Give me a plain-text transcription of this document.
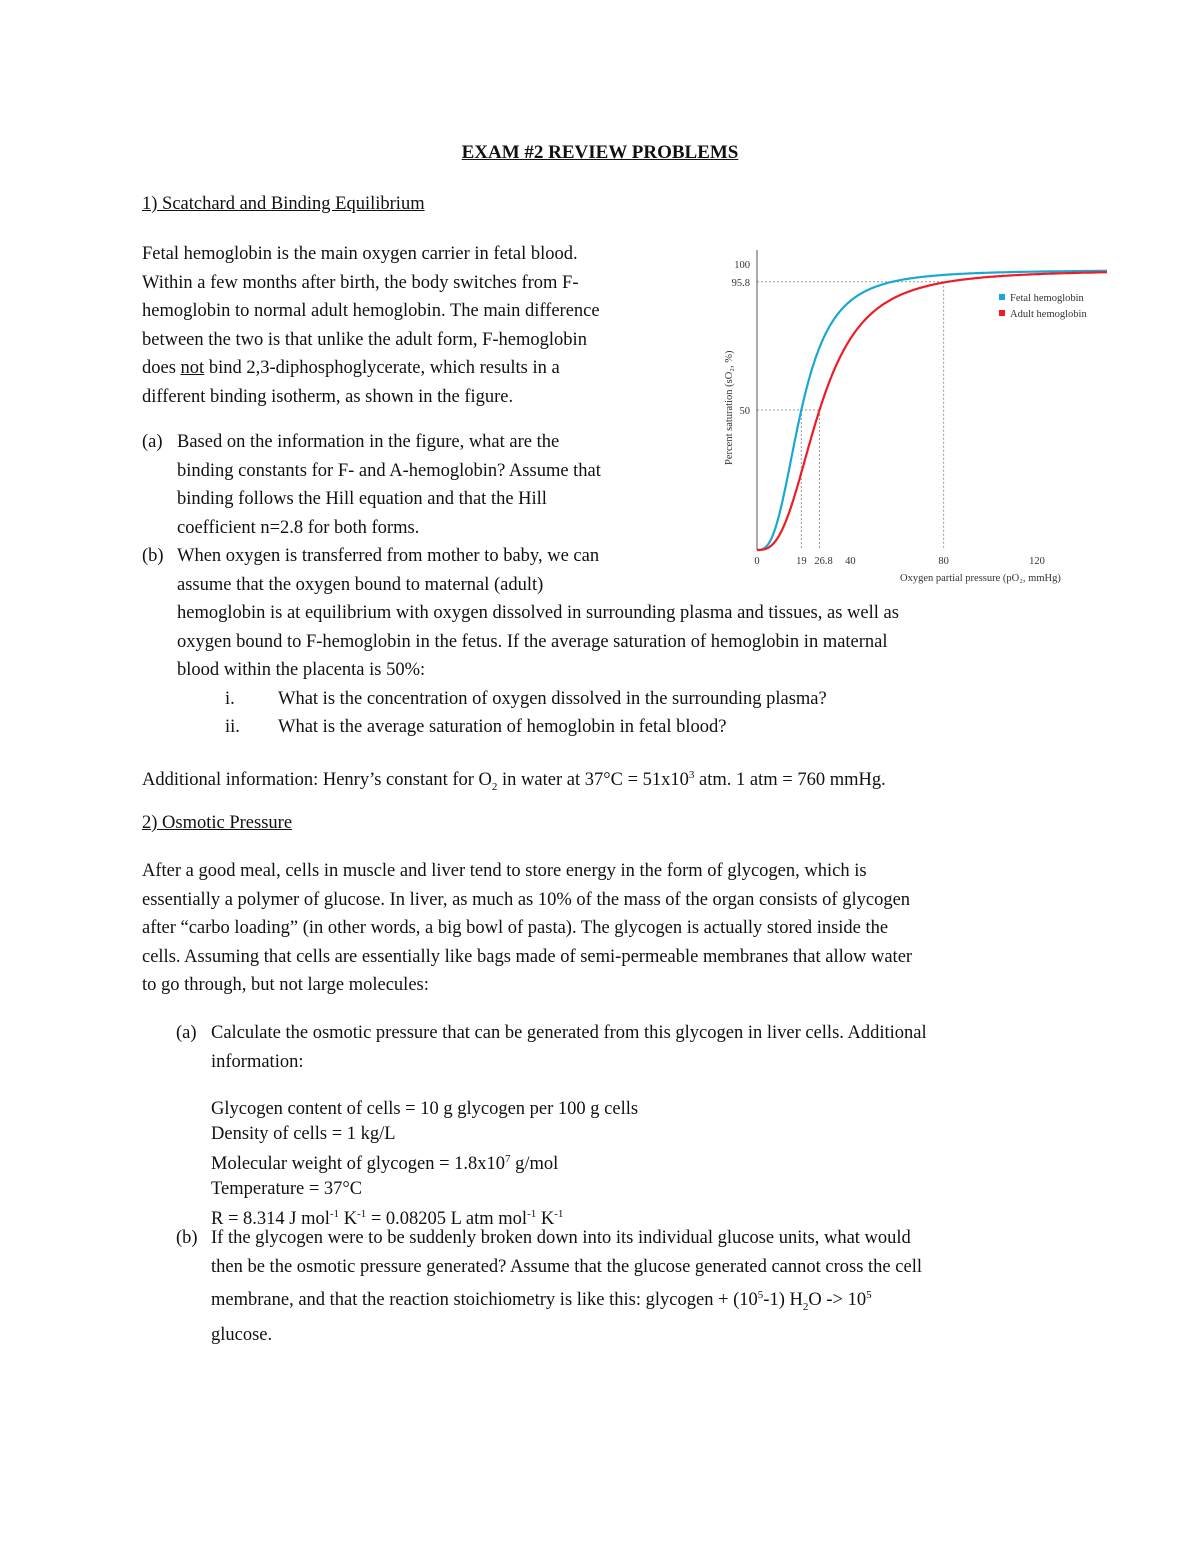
EXAM #2 REVIEW PROBLEMS
1) Scatchard and Binding Equilibrium
Fetal hemoglobin is the main oxygen carrier in fetal blood.
Within a few months after birth, the body switches from F-
hemoglobin to normal adult hemoglobin. The main difference
between the two is that unlike the adult form, F-hemoglobin
does not bind 2,3-diphosphoglycerate, which results in a
different binding isotherm, as shown in the figure.
(a) Based on the information in the figure, what are the
binding constants for F- and A-hemoglobin? Assume that
binding follows the Hill equation and that the Hill
coefficient n=2.8 for both forms.
(b) When oxygen is transferred from mother to baby, we can
assume that the oxygen bound to maternal (adult)
hemoglobin is at equilibrium with oxygen dissolved in surrounding plasma and tissues, as well as
oxygen bound to F-hemoglobin in the fetus. If the average saturation of hemoglobin in maternal
blood within the placenta is 50%:
i. What is the concentration of oxygen dissolved in the surrounding plasma?
ii. What is the average saturation of hemoglobin in fetal blood?
Additional information: Henry’s constant for $O_2$ in water at $37^\circ C = 51x10^3$ atm. 1 atm = 760 mmHg.
2) Osmotic Pressure
After a good meal, cells in muscle and liver tend to store energy in the form of glycogen, which is
essentially a polymer of glucose. In liver, as much as 10% of the mass of the organ consists of glycogen
after “carbo loading” (in other words, a big bowl of pasta). The glycogen is actually stored inside the
cells. Assuming that cells are essentially like bags made of semi-permeable membranes that allow water
to go through, but not large molecules:
(a) Calculate the osmotic pressure that can be generated from this glycogen in liver cells. Additional
information:
Glycogen content of cells = 10 g glycogen per 100 g cells
Density of cells = 1 kg/L
Molecular weight of glycogen = $1.8x10^7$ g/mol
Temperature = 37°C
R = 8.314 J mol$^{-1}$ $K^{-1} = 0.08205$ L atm mol$^{-1}$ $K^{-1}$
(b) If the glycogen were to be suddenly broken down into its individual glucose units, what would
then be the osmotic pressure generated? Assume that the glucose generated cannot cross the cell
membrane, and that the reaction stoichiometry is like this: glycogen + $(10^5-1) H_2O -> 10^5$
glucose.
0	19 26.8 40	80	120
50
95.8
100
Oxygen partial pressure (pO₂, mmHg)
Percent saturation (sO₂, %)
Fetal hemoglobin
Adult hemoglobin
